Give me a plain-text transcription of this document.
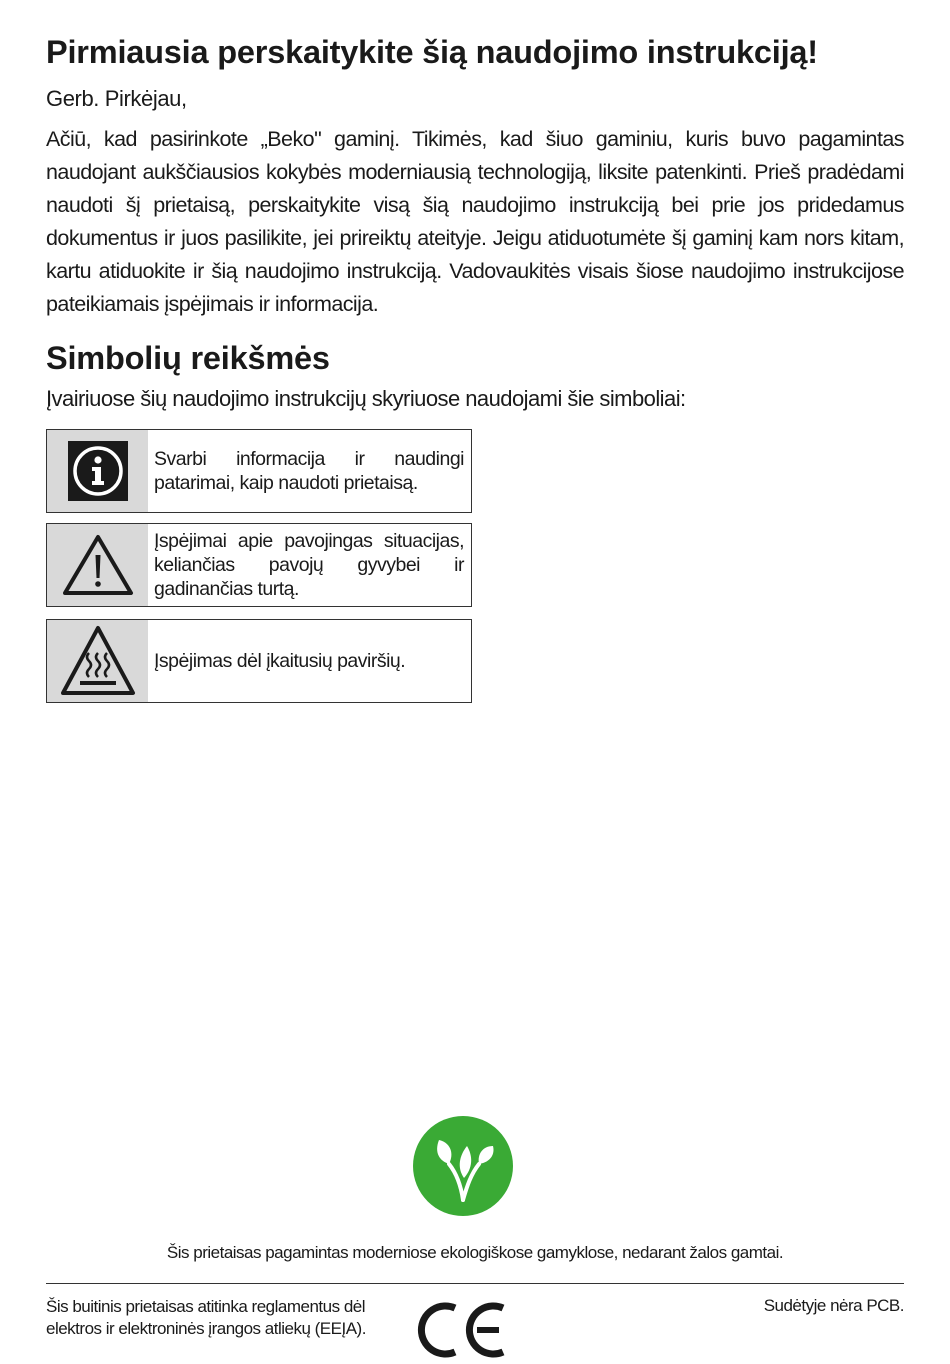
Pirmiausia perskaitykite šią naudojimo instrukciją!
Gerb. Pirkėjau,

Ačiū, kad pasirinkote „Beko" gaminį. Tikimės, kad šiuo gaminiu, kuris buvo pagamintas naudojant aukščiausios kokybės moderniausią technologiją, liksite patenkinti. Prieš pradėdami naudoti šį prietaisą, perskaitykite visą šią naudojimo instrukciją bei prie jos pridedamus dokumentus ir juos pasilikite, jei prireiktų ateityje. Jeigu atiduotumėte šį gaminį kam nors kitam, kartu atiduokite ir šią naudojimo instrukciją. Vadovaukitės visais šiose naudojimo instrukcijose pateikiamais įspėjimais ir informacija.

Simbolių reikšmės
Įvairiuose šių naudojimo instrukcijų skyriuose naudojami šie simboliai:
Svarbi informacija ir naudingi patarimai, kaip naudoti prietaisą.
Įspėjimai apie pavojingas situacijas, keliančias pavojų gyvybei ir gadinančias turtą.
Įspėjimas dėl įkaitusių paviršių.
Šis prietaisas pagamintas moderniose ekologiškose gamyklose, nedarant žalos gamtai.
Šis buitinis prietaisas atitinka reglamentus dėl elektros ir elektroninės įrangos atliekų (EEĮA).
Sudėtyje nėra PCB.
